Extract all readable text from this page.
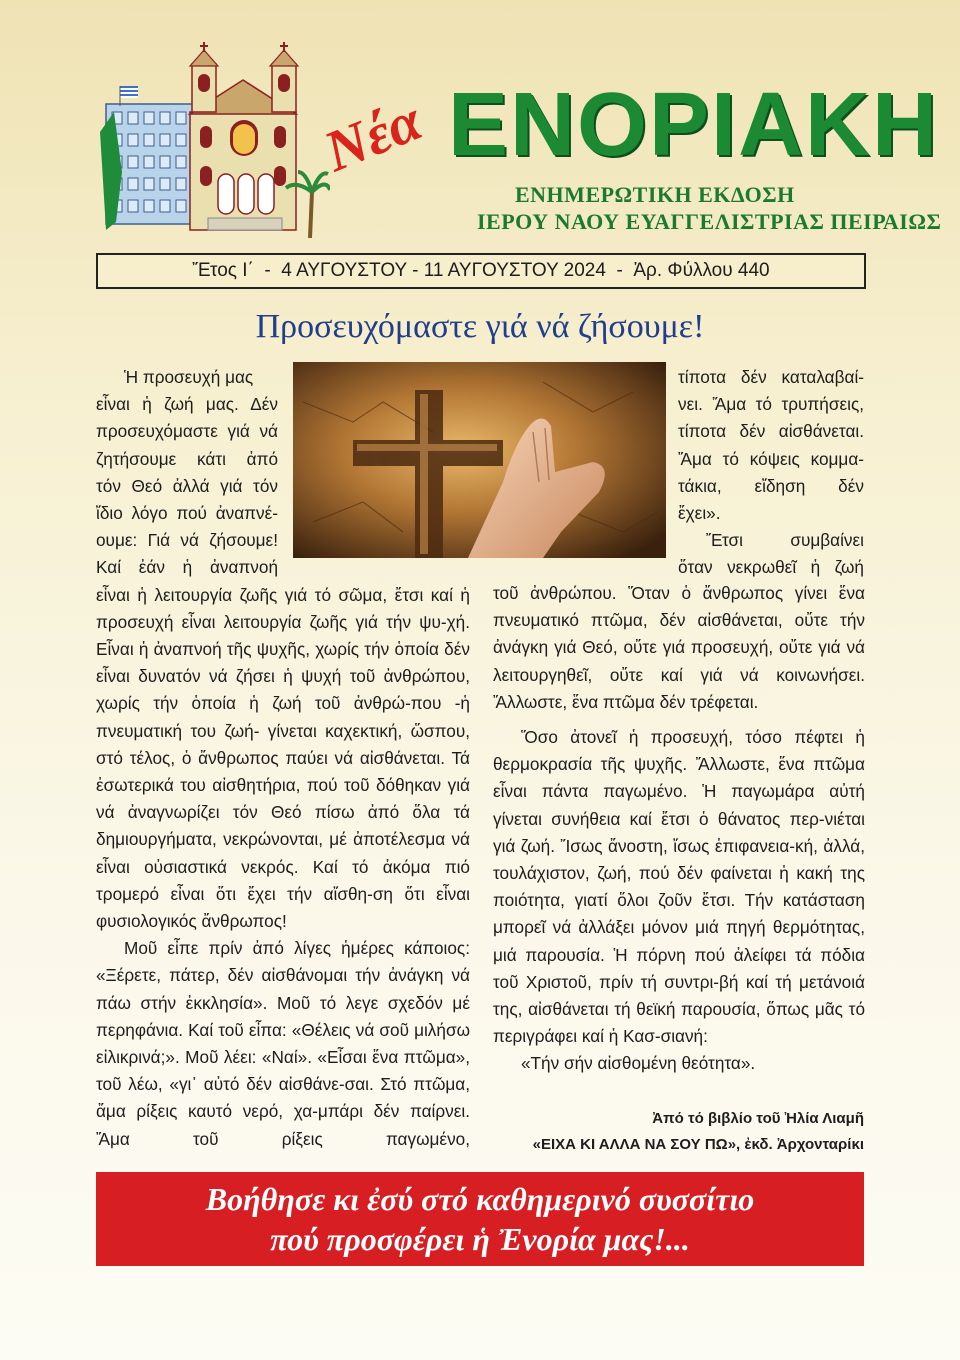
Νέα ΕΝΟΡΙΑΚΗ
ΕΝΗΜΕΡΩΤΙΚΗ ΕΚΔΟΣΗ
ΙΕΡΟΥ ΝΑΟΥ ΕΥΑΓΓΕΛΙΣΤΡΙΑΣ ΠΕΙΡΑΙΩΣ
Ἔτος Ι΄  -  4 ΑΥΓΟΥΣΤΟΥ - 11 ΑΥΓΟΥΣΤΟΥ 2024  -  Ἀρ. Φύλλου 440
Προσευχόμαστε γιά νά ζήσουμε!

Ἡ προσευχή μας

εἶναι ἡ ζωή μας. Δέν

προσευχόμαστε γιά νά

ζητήσουμε κάτι ἀπό

τόν Θεό ἀλλά γιά τόν

ἴδιο λόγο πού ἀναπνέ-

ουμε: Γιά νά ζήσουμε!

Καί ἐάν ἡ ἀναπνοή

εἶναι ἡ λειτουργία ζωῆς γιά τό σῶμα, ἔτσι καί ἡ προσευχή εἶναι λειτουργία ζωῆς γιά τήν ψυ-χή. Εἶναι ἡ ἀναπνοή τῆς ψυχῆς, χωρίς τήν ὁποία δέν εἶναι δυνατόν νά ζήσει ἡ ψυχή τοῦ ἀνθρώπου, χωρίς τήν ὁποία ἡ ζωή τοῦ ἀνθρώ-που -ἡ πνευματική του ζωή- γίνεται καχεκτική, ὥσπου, στό τέλος, ὁ ἄνθρωπος παύει νά αἰσθάνεται. Τά ἐσωτερικά του αἰσθητήρια, πού τοῦ δόθηκαν γιά νά ἀναγνωρίζει τόν Θεό πίσω ἀπό ὅλα τά δημιουργήματα, νεκρώνονται, μέ ἀποτέλεσμα νά εἶναι οὐσιαστικά νεκρός. Καί τό ἀκόμα πιό τρομερό εἶναι ὅτι ἔχει τήν αἴσθη-ση ὅτι εἶναι φυσιολογικός ἄνθρωπος!

Μοῦ εἶπε πρίν ἀπό λίγες ἡμέρες κάποιος: «Ξέρετε, πάτερ, δέν αἰσθάνομαι τήν ἀνάγκη νά πάω στήν ἐκκλησία». Μοῦ τό λεγε σχεδόν μέ περηφάνια. Καί τοῦ εἶπα: «Θέλεις νά σοῦ μιλήσω εἰλικρινά;». Μοῦ λέει: «Ναί». «Εἶσαι ἕνα πτῶμα», τοῦ λέω, «γι᾽ αὐτό δέν αἰσθάνε-σαι. Στό πτῶμα, ἄμα ρίξεις καυτό νερό, χα-μπάρι δέν παίρνει. Ἄμα τοῦ ρίξεις παγωμένο,

τίποτα δέν καταλαβαί-

νει. Ἄμα τό τρυπήσεις,

τίποτα δέν αἰσθάνεται.

Ἄμα τό κόψεις κομμα-

τάκια, εἴδηση δέν

ἔχει».

Ἔτσι συμβαίνει

ὅταν νεκρωθεῖ ἡ ζωή

τοῦ ἀνθρώπου. Ὅταν ὁ ἄνθρωπος γίνει ἕνα πνευματικό πτῶμα, δέν αἰσθάνεται, οὔτε τήν ἀνάγκη γιά Θεό, οὔτε γιά προσευχή, οὔτε γιά νά λειτουργηθεῖ, οὔτε καί γιά νά κοινωνήσει. Ἄλλωστε, ἕνα πτῶμα δέν τρέφεται.

Ὅσο ἀτονεῖ ἡ προσευχή, τόσο πέφτει ἡ θερμοκρασία τῆς ψυχῆς. Ἄλλωστε, ἕνα πτῶμα εἶναι πάντα παγωμένο. Ἡ παγωμάρα αὐτή γίνεται συνήθεια καί ἔτσι ὁ θάνατος περ-νιέται γιά ζωή. Ἴσως ἄνοστη, ἴσως ἐπιφανεια-κή, ἀλλά, τουλάχιστον, ζωή, πού δέν φαίνεται ἡ κακή της ποιότητα, γιατί ὅλοι ζοῦν ἔτσι. Τήν κατάσταση μπορεῖ νά ἀλλάξει μόνον μιά πηγή θερμότητας, μιά παρουσία. Ἡ πόρνη πού ἀλείφει τά πόδια τοῦ Χριστοῦ, πρίν τή συντρι-βή καί τή μετάνοιά της, αἰσθάνεται τή θεϊκή παρουσία, ὅπως μᾶς τό περιγράφει καί ἡ Κασ-σιανή:

«Τήν σήν αἰσθομένη θεότητα».

Ἀπό τό βιβλίο τοῦ Ἠλία Λιαμῆ
«ΕΙΧΑ ΚΙ ΑΛΛΑ ΝΑ ΣΟΥ ΠΩ», ἐκδ. Ἀρχονταρίκι
Βοήθησε κι ἐσύ στό καθημερινό συσσίτιο
πού προσφέρει ἡ Ἐνορία μας!...
